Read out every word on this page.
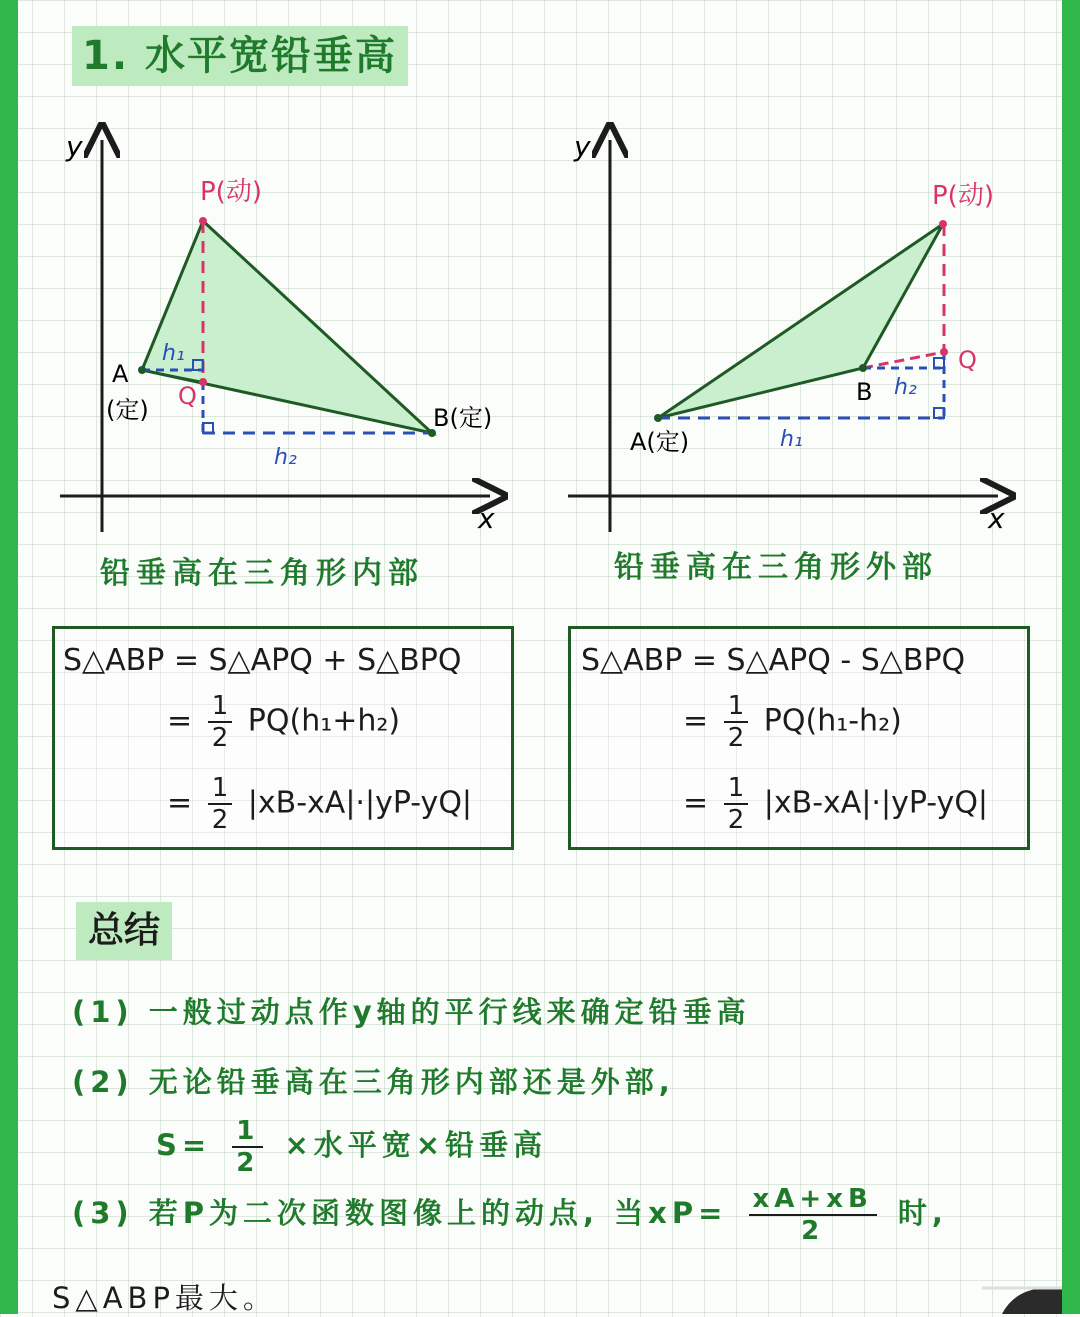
1. 水平宽铅垂高
y
x
P(动)
A
(定) Q
B(定)
h₁
h₂
y
x
P(动)
Q
B
A(定)	h₁
h₂
铅垂高在三角形内部	铅垂高在三角形外部
S△ABP = S△APQ + S△BPQ
= $\frac{1}{2} PQ(h_1+h_2)$
= $\frac{1}{2} |xB-xA|\cdot|yP-yQ|$
S△ABP = S△APQ - S△BPQ
= $\frac{1}{2} PQ(h_1-h_2)$
= $\frac{1}{2} |xB-xA|\cdot|yP-yQ|$
总结
(1) 一般过动点作y轴的平行线来确定铅垂高
(2) 无论铅垂高在三角形内部还是外部,
$S= \frac{1}{2}$ ×水平宽×铅垂高
(3) 若P为二次函数图像上的动点, 当$xP= \frac{xA+xB}{2}$ 时,
S△ABP最大。
